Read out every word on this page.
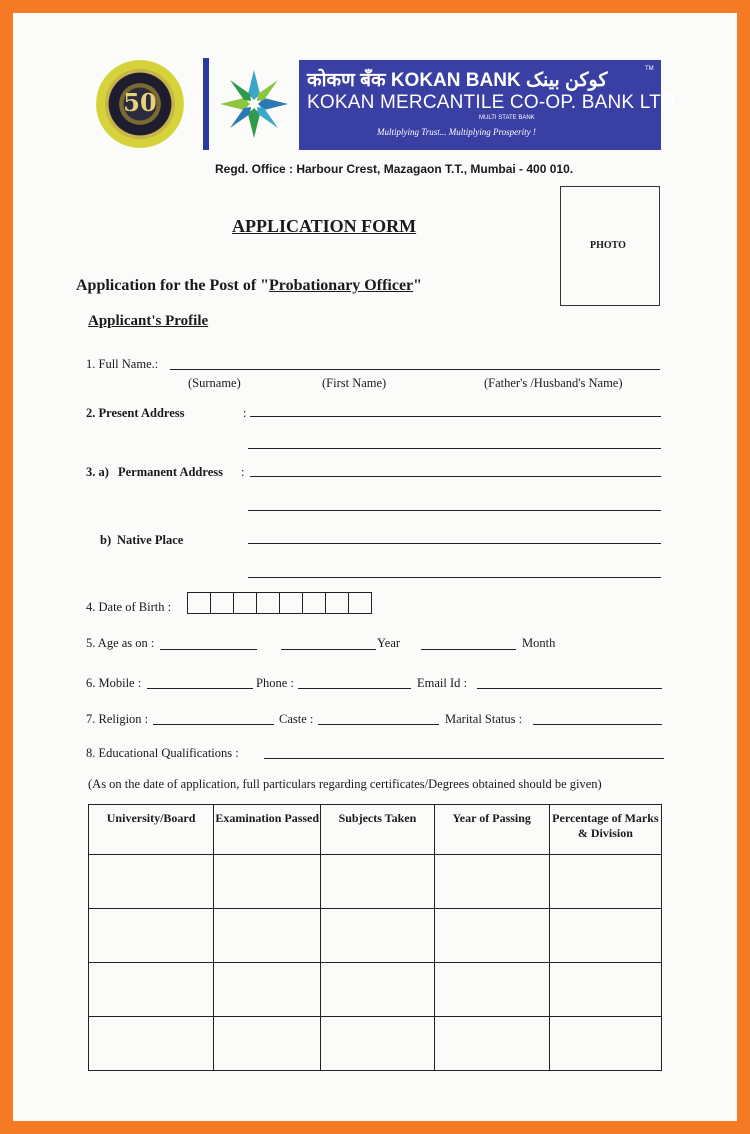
50
कोकण बँक KOKAN BANK کوکن بینک
TM
KOKAN MERCANTILE CO-OP. BANK LTD.
MULTI STATE BANK
Multiplying Trust... Multiplying Prosperity !
Regd. Office : Harbour Crest, Mazagaon T.T., Mumbai - 400 010.
PHOTO
APPLICATION FORM
Application for the Post of "Probationary Officer"
Applicant's Profile
1. Full Name.:
(Surname)	(First Name)	(Father's /Husband's Name)
2. Present Address	:
3. a) Permanent Address :
b) Native Place
4. Date of Birth :
5. Age as on :	Year	Month
6. Mobile :	Phone :	Email Id :
7. Religion :	Caste :	Marital Status :
8. Educational Qualifications :
(As on the date of application, full particulars regarding certificates/Degrees obtained should be given)
University/Board	Examination Passed	Subjects Taken	Year of Passing	Percentage of Marks & Division
